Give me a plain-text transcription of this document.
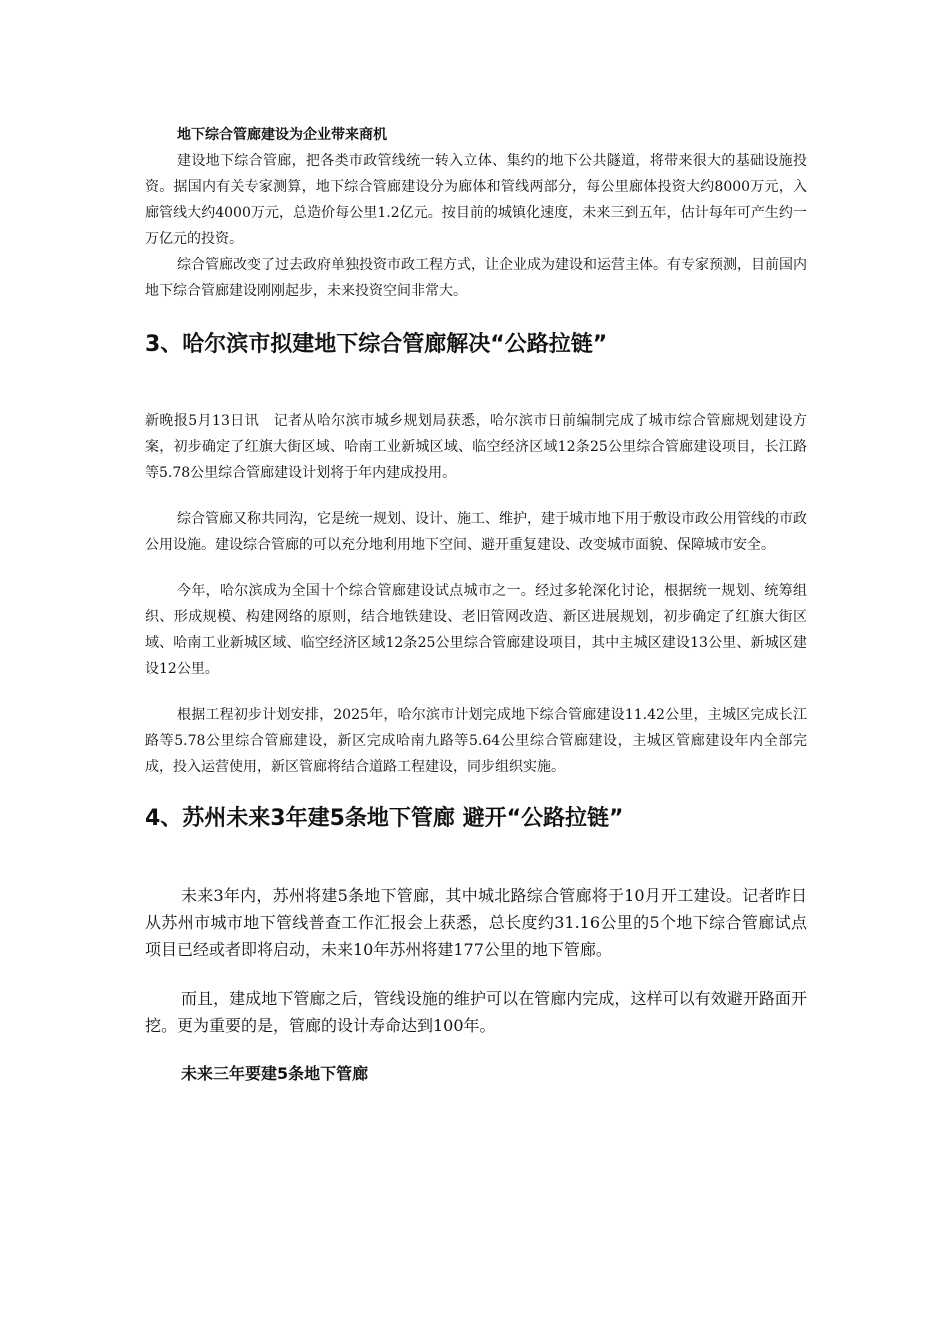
地下综合管廊建设为企业带来商机

建设地下综合管廊，把各类市政管线统一转入立体、集约的地下公共隧道，将带来很大的基础设施投资。据国内有关专家测算，地下综合管廊建设分为廊体和管线两部分，每公里廊体投资大约8000万元，入廊管线大约4000万元，总造价每公里1.2亿元。按目前的城镇化速度，未来三到五年，估计每年可产生约一万亿元的投资。

综合管廊改变了过去政府单独投资市政工程方式，让企业成为建设和运营主体。有专家预测，目前国内地下综合管廊建设刚刚起步，未来投资空间非常大。

3、哈尔滨市拟建地下综合管廊解决“公路拉链”

新晚报5月13日讯　记者从哈尔滨市城乡规划局获悉，哈尔滨市日前编制完成了城市综合管廊规划建设方案，初步确定了红旗大街区域、哈南工业新城区域、临空经济区域12条25公里综合管廊建设项目，长江路等5.78公里综合管廊建设计划将于年内建成投用。

综合管廊又称共同沟，它是统一规划、设计、施工、维护，建于城市地下用于敷设市政公用管线的市政公用设施。建设综合管廊的可以充分地利用地下空间、避开重复建设、改变城市面貌、保障城市安全。

今年，哈尔滨成为全国十个综合管廊建设试点城市之一。经过多轮深化讨论，根据统一规划、统筹组织、形成规模、构建网络的原则，结合地铁建设、老旧管网改造、新区进展规划，初步确定了红旗大街区域、哈南工业新城区域、临空经济区域12条25公里综合管廊建设项目，其中主城区建设13公里、新城区建设12公里。

根据工程初步计划安排，2025年，哈尔滨市计划完成地下综合管廊建设11.42公里，主城区完成长江路等5.78公里综合管廊建设，新区完成哈南九路等5.64公里综合管廊建设，主城区管廊建设年内全部完成，投入运营使用，新区管廊将结合道路工程建设，同步组织实施。

4、苏州未来3年建5条地下管廊 避开“公路拉链”

未来3年内，苏州将建5条地下管廊，其中城北路综合管廊将于10月开工建设。记者昨日从苏州市城市地下管线普查工作汇报会上获悉，总长度约31.16公里的5个地下综合管廊试点项目已经或者即将启动，未来10年苏州将建177公里的地下管廊。

而且，建成地下管廊之后，管线设施的维护可以在管廊内完成，这样可以有效避开路面开挖。更为重要的是，管廊的设计寿命达到100年。

未来三年要建5条地下管廊
